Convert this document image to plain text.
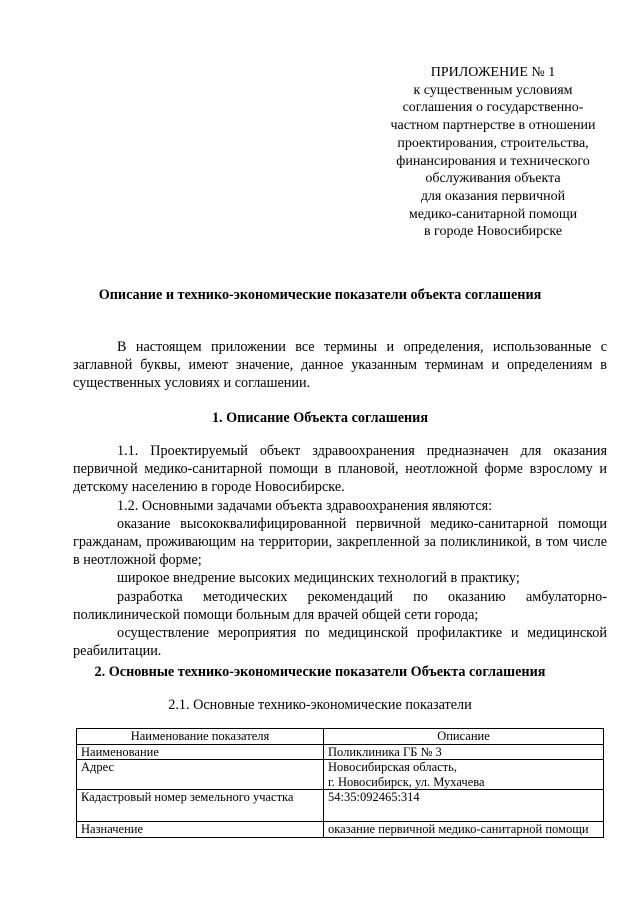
ПРИЛОЖЕНИЕ № 1
к существенным условиям
соглашения о государственно-
частном партнерстве в отношении
проектирования, строительства,
финансирования и технического
обслуживания объекта
для оказания первичной
медико-санитарной помощи
в городе Новосибирске
Описание и технико-экономические показатели объекта соглашения

В настоящем приложении все термины и определения, использованные с заглавной буквы, имеют значение, данное указанным терминам и определениям в существенных условиях и соглашении.

1. Описание Объекта соглашения

1.1. Проектируемый объект здравоохранения предназначен для оказания первичной медико-санитарной помощи в плановой, неотложной форме взрослому и детскому населению в городе Новосибирске.

1.2. Основными задачами объекта здравоохранения являются:

оказание высококвалифицированной первичной медико-санитарной помощи гражданам, проживающим на территории, закрепленной за поликлиникой, в том числе в неотложной форме;

широкое внедрение высоких медицинских технологий в практику;

разработка методических рекомендаций по оказанию амбулаторно-поликлинической помощи больным для врачей общей сети города;

осуществление мероприятия по медицинской профилактике и медицинской реабилитации.

2. Основные технико-экономические показатели Объекта соглашения
2.1. Основные технико-экономические показатели
Наименование показателя	Описание
Наименование	Поликлиника ГБ № 3

Адрес	Новосибирская область,
г. Новосибирск, ул. Мухачева

Кадастровый номер земельного участка	54:35:092465:314

Назначение	оказание первичной медико-санитарной помощи
